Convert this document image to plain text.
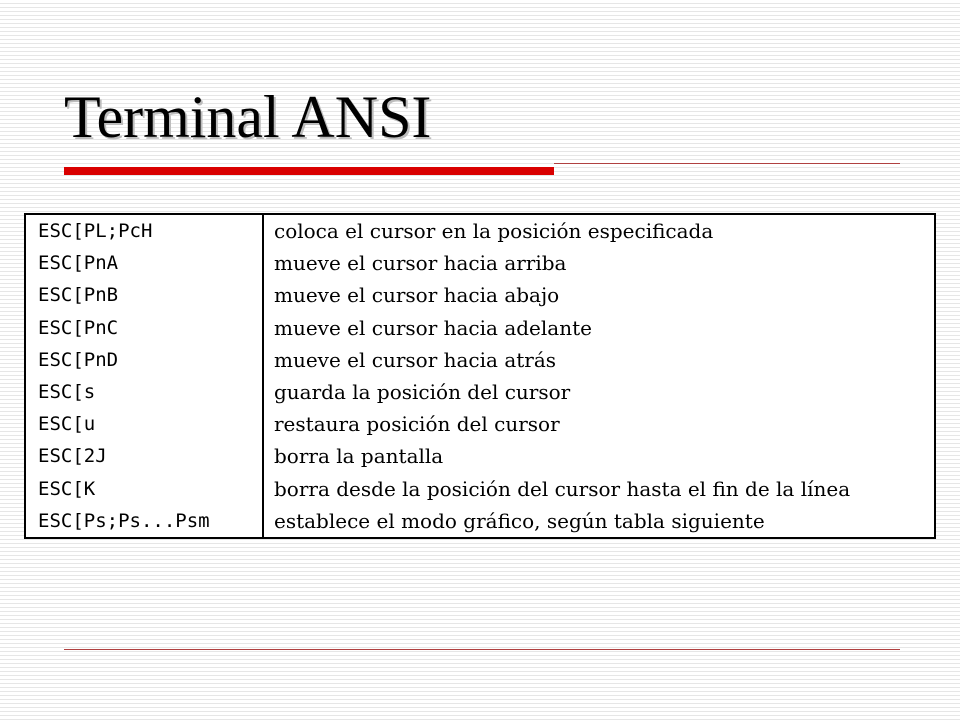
Terminal ANSI
ESC[PL;PcH	coloca el cursor en la posición especificada
ESC[PnA	mueve el cursor hacia arriba
ESC[PnB	mueve el cursor hacia abajo
ESC[PnC	mueve el cursor hacia adelante
ESC[PnD	mueve el cursor hacia atrás
ESC[s	guarda la posición del cursor
ESC[u	restaura posición del cursor
ESC[2J	borra la pantalla
ESC[K	borra desde la posición del cursor hasta el fin de la línea
ESC[Ps;Ps...Psm	establece el modo gráfico, según tabla siguiente
